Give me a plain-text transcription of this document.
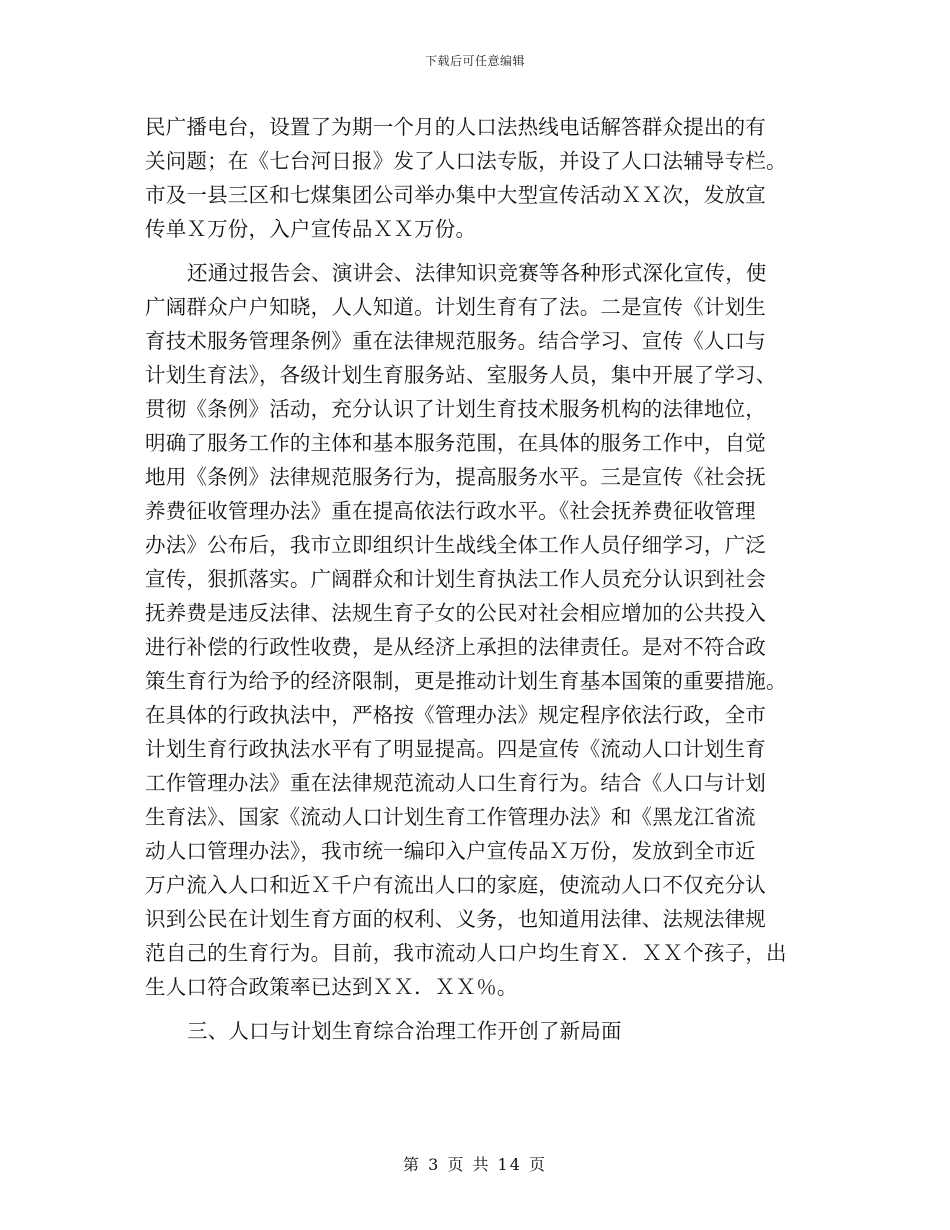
下载后可任意编辑
民广播电台，设置了为期一个月的人口法热线电话解答群众提出的有
关问题；在《七台河日报》发了人口法专版，并设了人口法辅导专栏。
市及一县三区和七煤集团公司举办集中大型宣传活动ＸＸ次，发放宣
传单Ｘ万份，入户宣传品ＸＸ万份。
还通过报告会、演讲会、法律知识竞赛等各种形式深化宣传，使
广阔群众户户知晓，人人知道。计划生育有了法。二是宣传《计划生
育技术服务管理条例》重在法律规范服务。结合学习、宣传《人口与
计划生育法》，各级计划生育服务站、室服务人员，集中开展了学习、
贯彻《条例》活动，充分认识了计划生育技术服务机构的法律地位，
明确了服务工作的主体和基本服务范围，在具体的服务工作中，自觉
地用《条例》法律规范服务行为，提高服务水平。三是宣传《社会抚
养费征收管理办法》重在提高依法行政水平。《社会抚养费征收管理
办法》公布后，我市立即组织计生战线全体工作人员仔细学习，广泛
宣传，狠抓落实。广阔群众和计划生育执法工作人员充分认识到社会
抚养费是违反法律、法规生育子女的公民对社会相应增加的公共投入
进行补偿的行政性收费，是从经济上承担的法律责任。是对不符合政
策生育行为给予的经济限制，更是推动计划生育基本国策的重要措施。
在具体的行政执法中，严格按《管理办法》规定程序依法行政，全市
计划生育行政执法水平有了明显提高。四是宣传《流动人口计划生育
工作管理办法》重在法律规范流动人口生育行为。结合《人口与计划
生育法》、国家《流动人口计划生育工作管理办法》和《黑龙江省流
动人口管理办法》，我市统一编印入户宣传品Ｘ万份，发放到全市近
万户流入人口和近Ｘ千户有流出人口的家庭，使流动人口不仅充分认
识到公民在计划生育方面的权利、义务，也知道用法律、法规法律规
范自己的生育行为。目前，我市流动人口户均生育Ｘ．ＸＸ个孩子，出
生人口符合政策率已达到ＸＸ．ＸＸ％。
三、人口与计划生育综合治理工作开创了新局面
第 3 页 共 14 页
